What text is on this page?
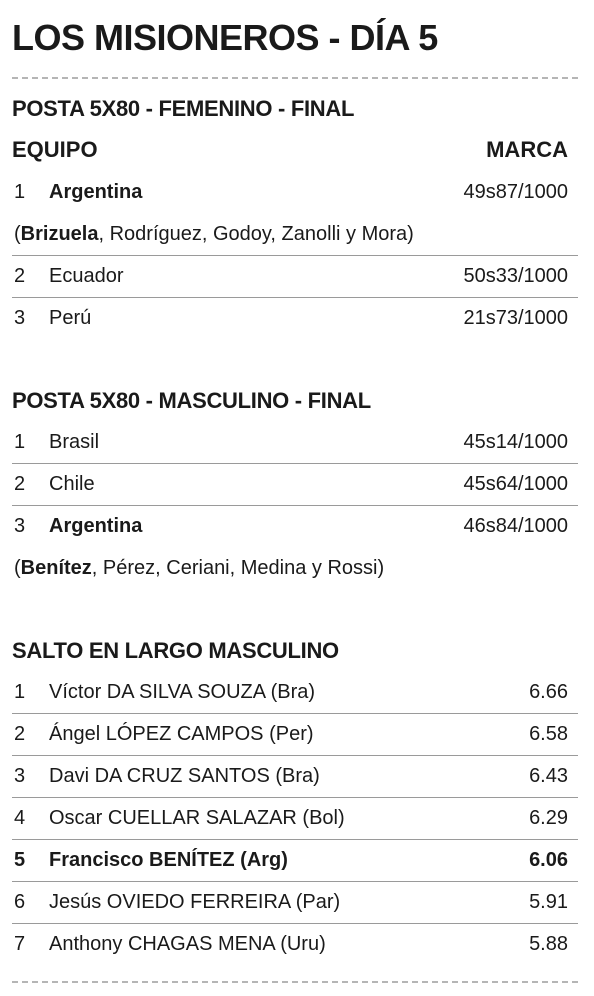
LOS MISIONEROS - DÍA 5
POSTA 5X80 - FEMENINO - FINAL
EQUIPO	MARCA
1 Argentina	49s87/1000
(Brizuela, Rodríguez, Godoy, Zanolli y Mora)
2 Ecuador	50s33/1000
3 Perú	21s73/1000
POSTA 5X80 - MASCULINO - FINAL
1 Brasil	45s14/1000
2 Chile	45s64/1000
3 Argentina	46s84/1000
(Benítez, Pérez, Ceriani, Medina y Rossi)
SALTO EN LARGO MASCULINO
1 Víctor DA SILVA SOUZA (Bra)	6.66
2 Ángel LÓPEZ CAMPOS (Per)	6.58
3 Davi DA CRUZ SANTOS (Bra)	6.43
4 Oscar CUELLAR SALAZAR (Bol)	6.29
5 Francisco BENÍTEZ (Arg)	6.06
6 Jesús OVIEDO FERREIRA (Par)	5.91
7 Anthony CHAGAS MENA (Uru)	5.88
